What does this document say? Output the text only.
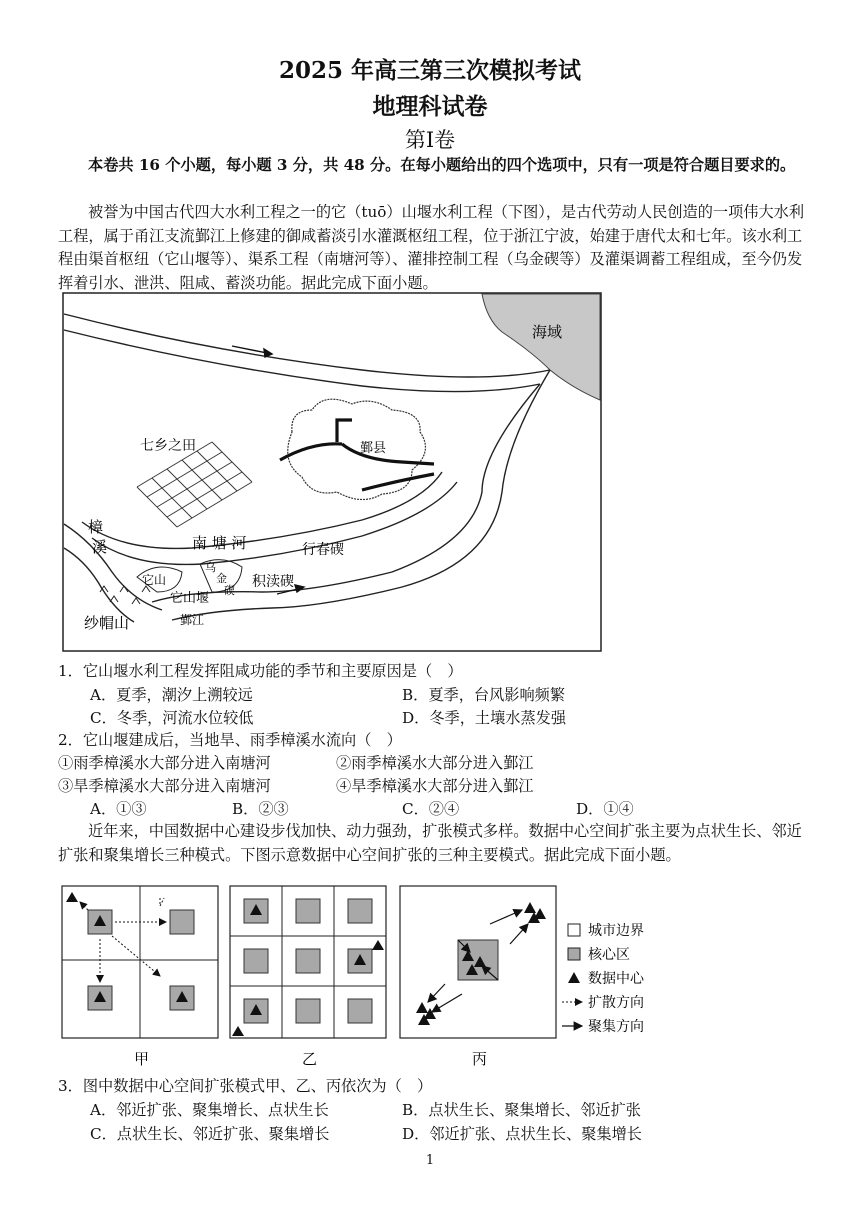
2025 年高三第三次模拟考试
地理科试卷
第Ⅰ卷
本卷共 16 个小题，每小题 3 分，共 48 分。在每小题给出的四个选项中，只有一项是符合题目要求的。
被誉为中国古代四大水利工程之一的它（tuō）山堰水利工程（下图），是古代劳动人民创造的一项伟大水利工程，属于甬江支流鄞江上修建的御咸蓄淡引水灌溉枢纽工程，位于浙江宁波，始建于唐代太和七年。该水利工程由渠首枢纽（它山堰等）、渠系工程（南塘河等）、灌排控制工程（乌金碶等）及灌渠调蓄工程组成，至今仍发挥着引水、泄洪、阻咸、蓄淡功能。据此完成下面小题。
海域
鄞县
七乡之田
樟
溪	南 塘 河	行春碶
积渎碶
乌
金
碶
它山
它山堰
纱帽山	鄞江
1．它山堰水利工程发挥阻咸功能的季节和主要原因是（　）
A．夏季，潮汐上溯较远	B．夏季，台风影响频繁
C．冬季，河流水位较低	D．冬季，土壤水蒸发强
2．它山堰建成后，当地旱、雨季樟溪水流向（　）
①雨季樟溪水大部分进入南塘河	②雨季樟溪水大部分进入鄞江
③旱季樟溪水大部分进入南塘河	④旱季樟溪水大部分进入鄞江
A．①③	B．②③	C．②④	D．①④
近年来，中国数据中心建设步伐加快、动力强劲，扩张模式多样。数据中心空间扩张主要为点状生长、邻近扩张和聚集增长三种模式。下图示意数据中心空间扩张的三种主要模式。据此完成下面小题。
甲	乙	丙
城市边界
核心区
数据中心
扩散方向
聚集方向
3．图中数据中心空间扩张模式甲、乙、丙依次为（　）
A．邻近扩张、聚集增长、点状生长	B．点状生长、聚集增长、邻近扩张
C．点状生长、邻近扩张、聚集增长	D．邻近扩张、点状生长、聚集增长
1
